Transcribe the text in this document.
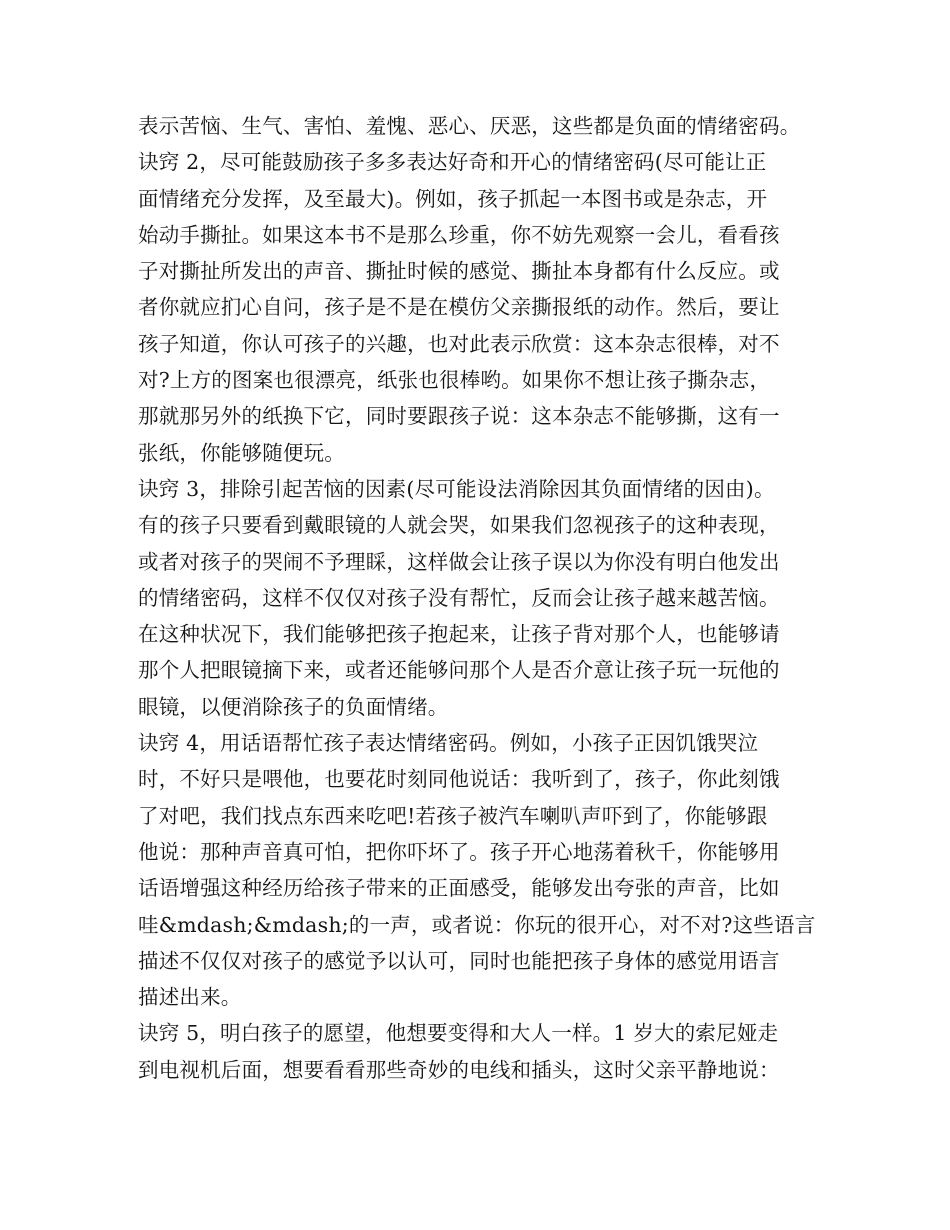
表示苦恼、生气、害怕、羞愧、恶心、厌恶，这些都是负面的情绪密码。
诀窍 2，尽可能鼓励孩子多多表达好奇和开心的情绪密码(尽可能让正
面情绪充分发挥，及至最大)。例如，孩子抓起一本图书或是杂志，开
始动手撕扯。如果这本书不是那么珍重，你不妨先观察一会儿，看看孩
子对撕扯所发出的声音、撕扯时候的感觉、撕扯本身都有什么反应。或
者你就应扪心自问，孩子是不是在模仿父亲撕报纸的动作。然后，要让
孩子知道，你认可孩子的兴趣，也对此表示欣赏：这本杂志很棒，对不
对?上方的图案也很漂亮，纸张也很棒哟。如果你不想让孩子撕杂志，
那就那另外的纸换下它，同时要跟孩子说：这本杂志不能够撕，这有一
张纸，你能够随便玩。
诀窍 3，排除引起苦恼的因素(尽可能设法消除因其负面情绪的因由)。
有的孩子只要看到戴眼镜的人就会哭，如果我们忽视孩子的这种表现，
或者对孩子的哭闹不予理睬，这样做会让孩子误以为你没有明白他发出
的情绪密码，这样不仅仅对孩子没有帮忙，反而会让孩子越来越苦恼。
在这种状况下，我们能够把孩子抱起来，让孩子背对那个人，也能够请
那个人把眼镜摘下来，或者还能够问那个人是否介意让孩子玩一玩他的
眼镜，以便消除孩子的负面情绪。
诀窍 4，用话语帮忙孩子表达情绪密码。例如，小孩子正因饥饿哭泣
时，不好只是喂他，也要花时刻同他说话：我听到了，孩子，你此刻饿
了对吧，我们找点东西来吃吧!若孩子被汽车喇叭声吓到了，你能够跟
他说：那种声音真可怕，把你吓坏了。孩子开心地荡着秋千，你能够用
话语增强这种经历给孩子带来的正面感受，能够发出夸张的声音，比如
哇&mdash;&mdash;的一声，或者说：你玩的很开心，对不对?这些语言
描述不仅仅对孩子的感觉予以认可，同时也能把孩子身体的感觉用语言
描述出来。
诀窍 5，明白孩子的愿望，他想要变得和大人一样。1 岁大的索尼娅走
到电视机后面，想要看看那些奇妙的电线和插头，这时父亲平静地说：
